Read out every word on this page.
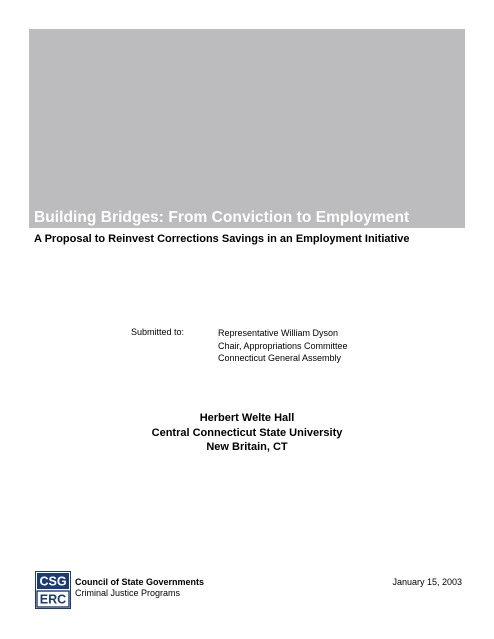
Building Bridges: From Conviction to Employment
A Proposal to Reinvest Corrections Savings in an Employment Initiative
Submitted to:	Representative William Dyson
Chair, Appropriations Committee
Connecticut General Assembly
Herbert Welte Hall
Central Connecticut State University
New Britain, CT
CSG
ERC
Council of State Governments
Criminal Justice Programs
January 15, 2003
